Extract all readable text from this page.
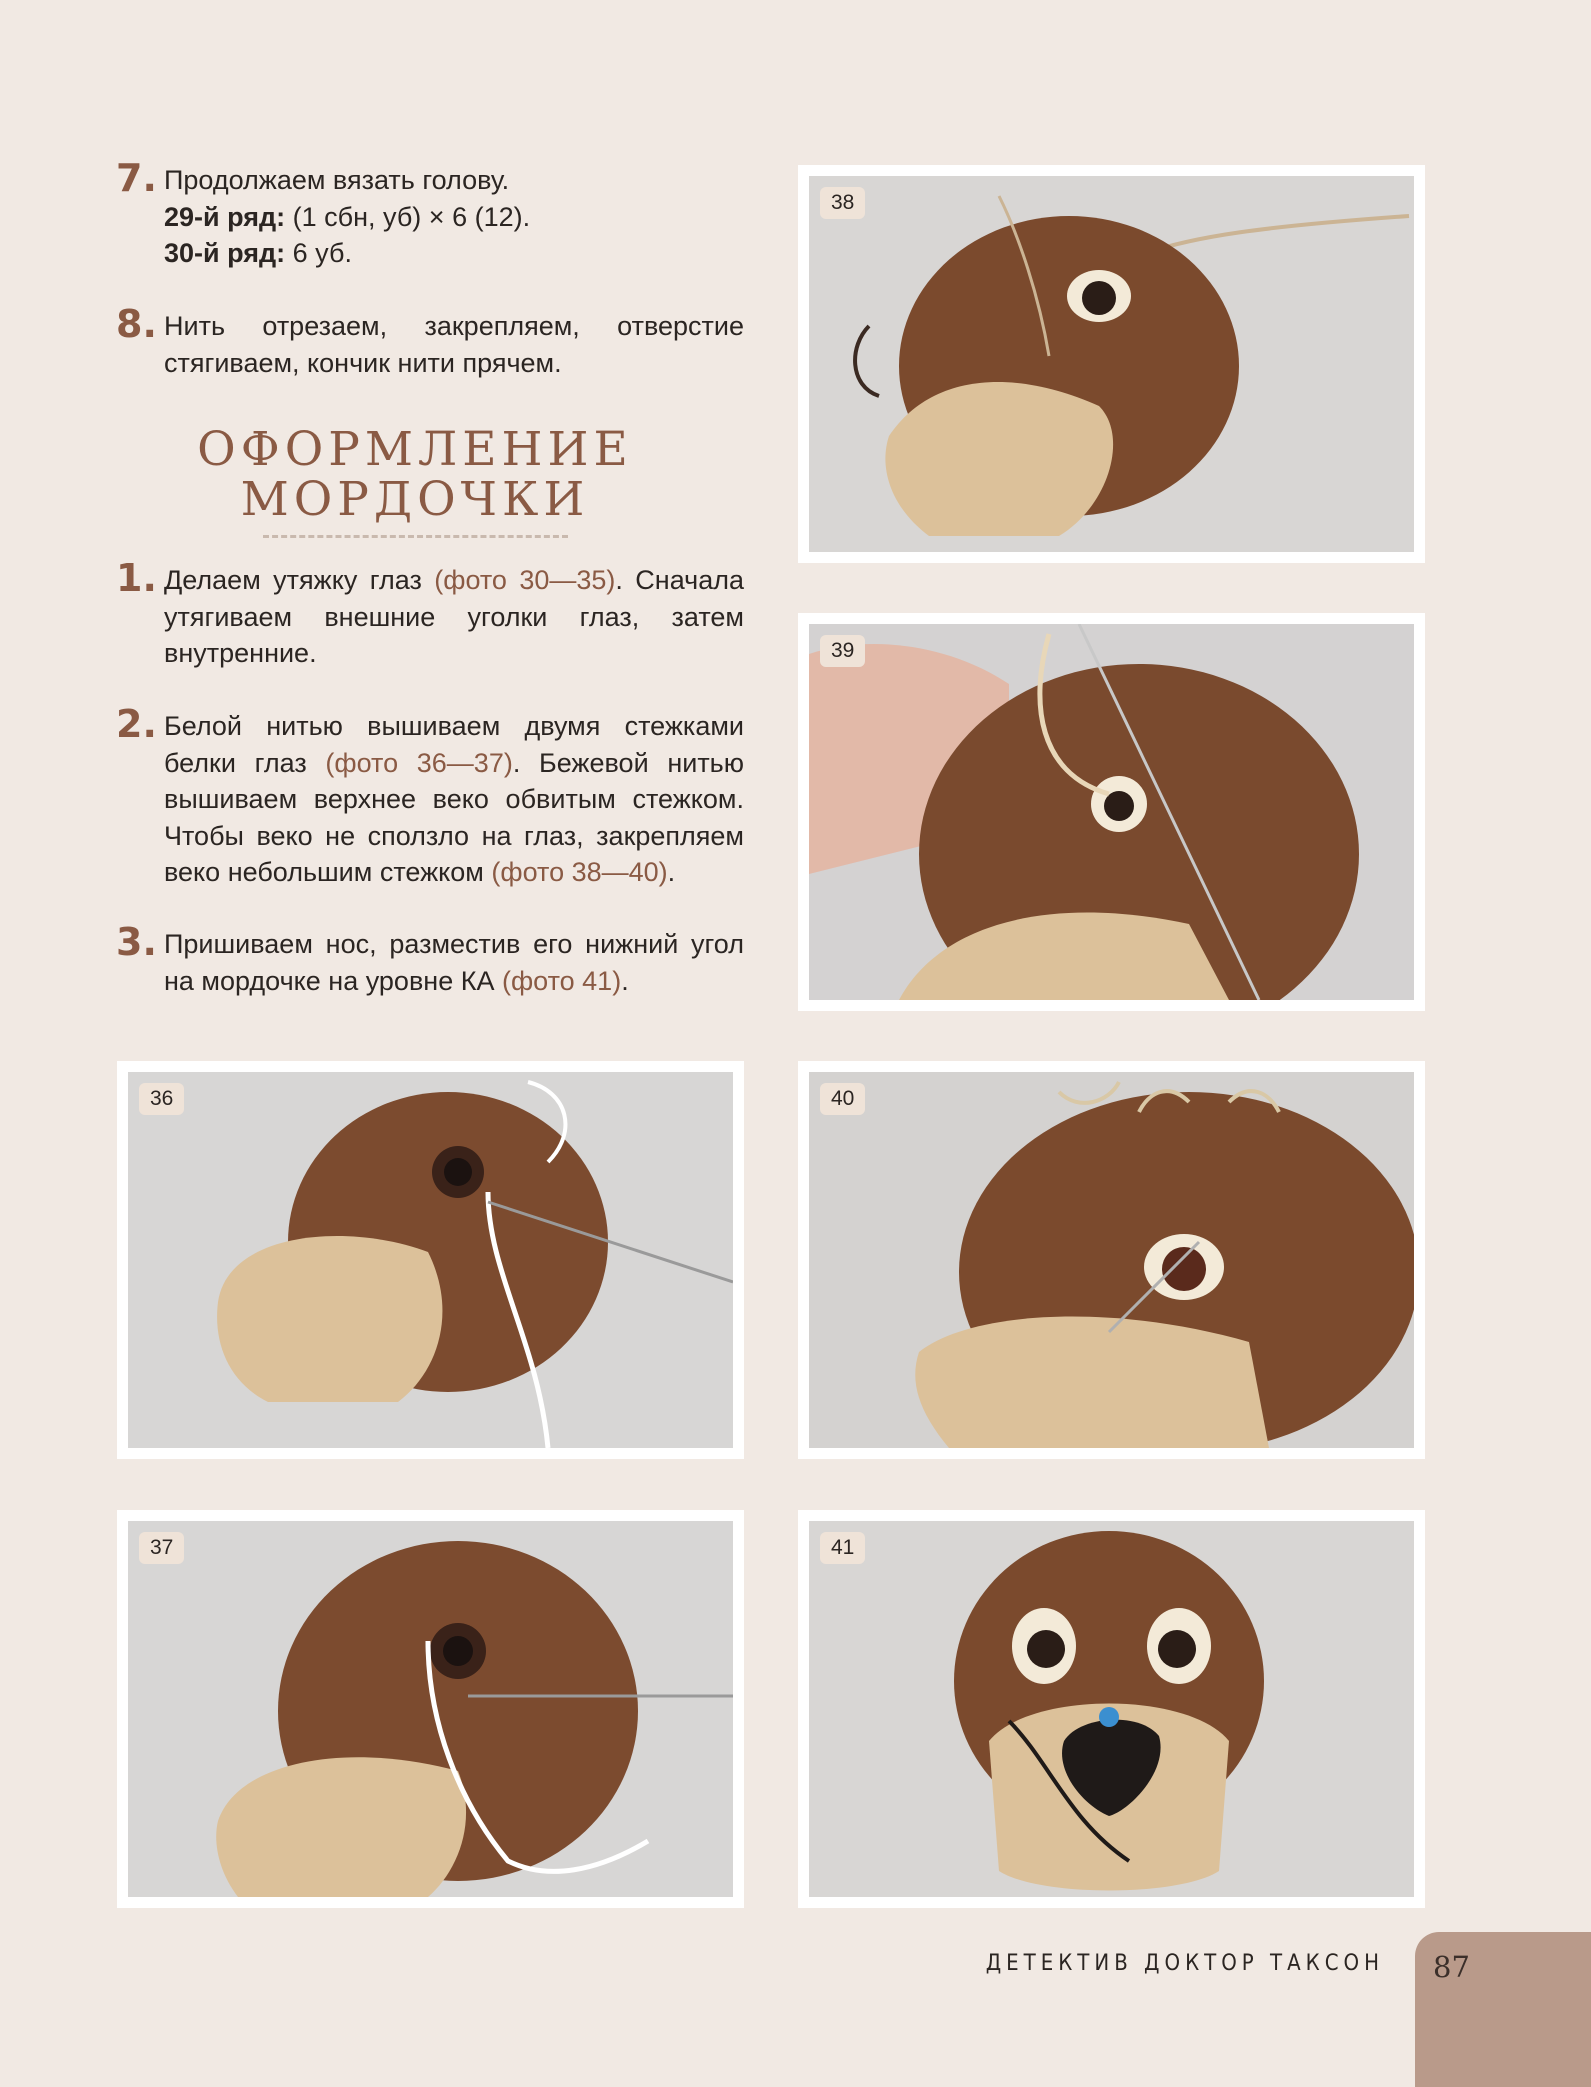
7. Продолжаем вязать голову.

29-й ряд: (1 сбн, уб) × 6 (12).

30-й ряд: 6 уб.

8. Нить отрезаем, закрепляем, отверстие стягиваем, кончик нити прячем.
ОФОРМЛЕНИЕ
МОРДОЧКИ
1. Делаем утяжку глаз (фото 30—35). Сначала утягиваем внешние уголки глаз, затем внутренние.
2. Белой нитью вышиваем двумя стежками белки глаз (фото 36—37). Бежевой нитью вышиваем верхнее веко обвитым стежком. Чтобы веко не сползло на глаз, закрепляем веко небольшим стежком (фото 38—40).
3. Пришиваем нос, разместив его нижний угол на мордочке на уровне КА (фото 41).
38
39
36	40
37	41
ДЕТЕКТИВ ДОКТОР ТАКСОН 87
